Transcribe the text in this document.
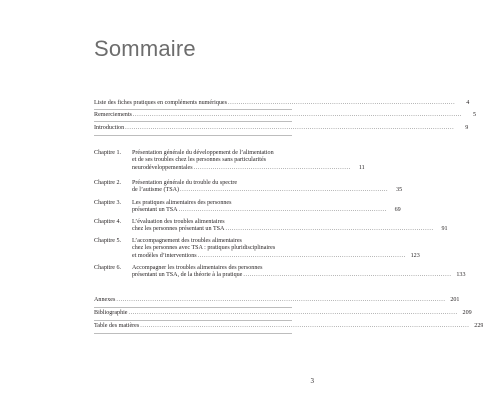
Sommaire
Liste des fiches pratiques en compléments numériques ...........................................................................................................	4
Remerciements ...........................................................................................................................................................	5
Introduction ...........................................................................................................................................................	9
Chapitre 1. Présentation générale du développement de l’alimentation
et de ses troubles chez les personnes sans particularités
neurodéveloppementales ..........................................................................	11
Chapitre 2. Présentation générale du trouble du spectre
de l’autisme (TSA) ..................................................................................................	35
Chapitre 3. Les pratiques alimentaires des personnes
présentant un TSA ..................................................................................................	69
Chapitre 4. L’évaluation des troubles alimentaires
chez les personnes présentant un TSA ..................................................................................................	91
Chapitre 5. L’accompagnement des troubles alimentaires
chez les personnes avec TSA : pratiques pluridisciplinaires
et modèles d’interventions .................................................................................................. 123
Chapitre 6. Accompagner les troubles alimentaires des personnes
présentant un TSA, de la théorie à la pratique .................................................................................................. 133
Annexes ........................................................................................................................................................... 201
Bibliographie ........................................................................................................................................................... 209
Table des matières ........................................................................................................................................................... 229
3
